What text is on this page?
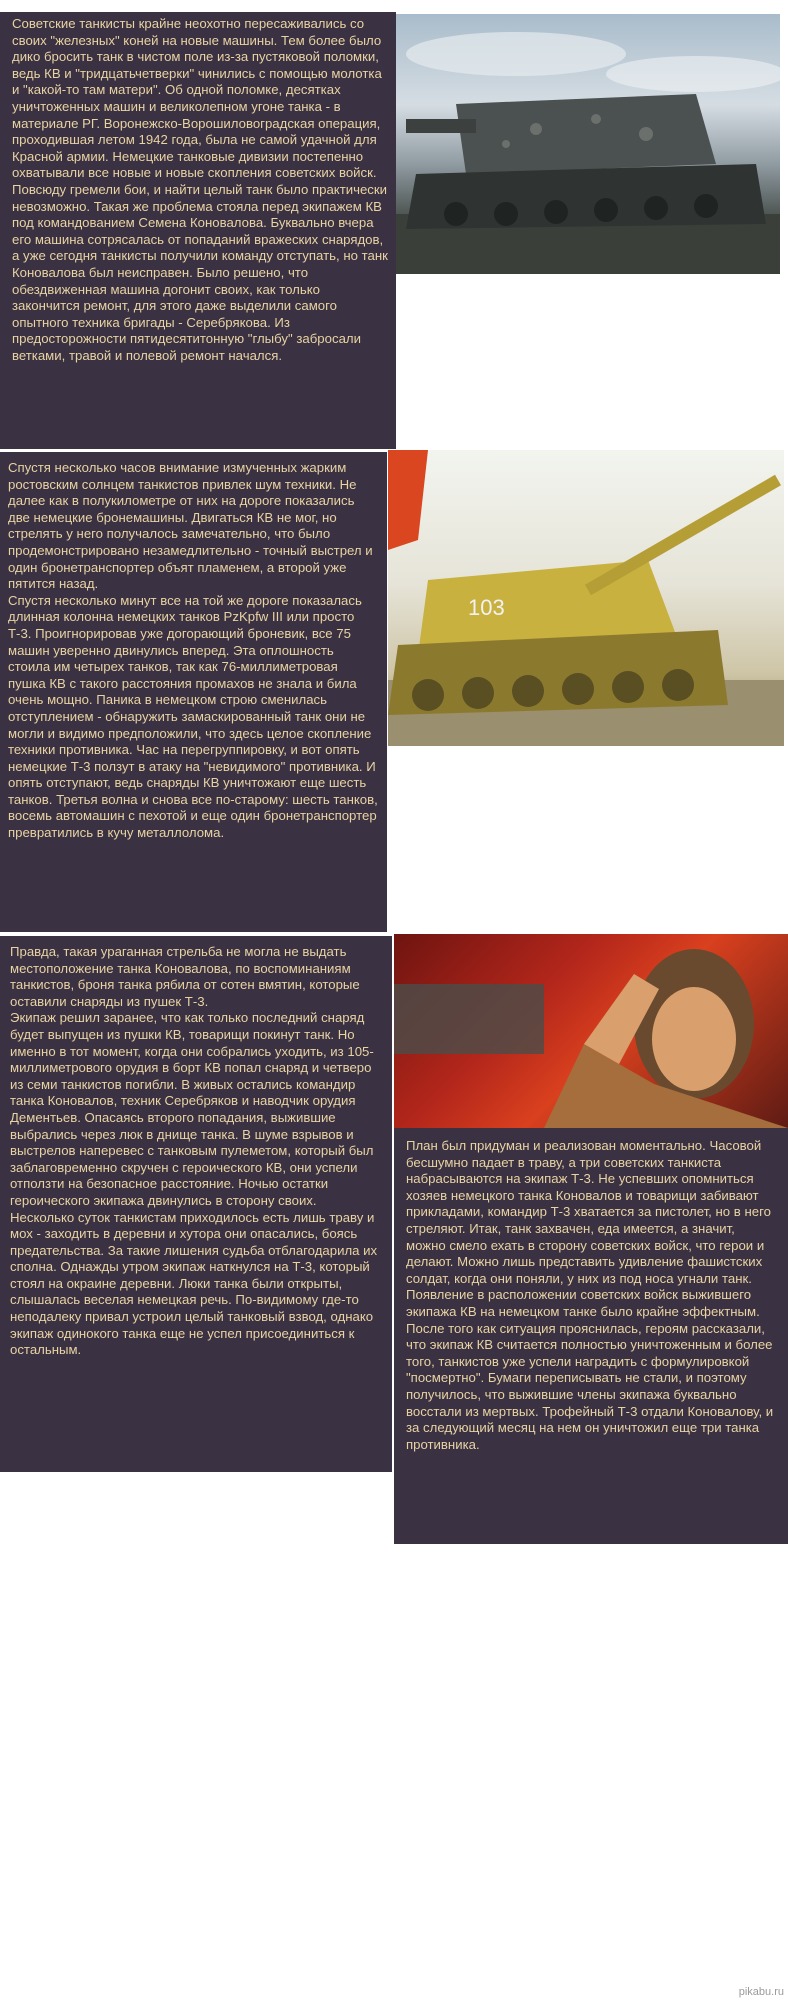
Советские танкисты крайне неохотно пересаживались со своих "железных" коней на новые машины. Тем более было дико бросить танк в чистом поле из-за пустяковой поломки, ведь КВ и "тридцатьчетверки" чинились с помощью молотка и "какой-то там матери". Об одной поломке, десятках уничтоженных машин и великолепном угоне танка - в материале РГ. Воронежско-Ворошиловоградская операция, проходившая летом 1942 года, была не самой удачной для Красной армии. Немецкие танковые дивизии постепенно охватывали все новые и новые скопления советских войск. Повсюду гремели бои, и найти целый танк было практически невозможно. Такая же проблема стояла перед экипажем КВ под командованием Семена Коновалова. Буквально вчера его машина сотрясалась от попаданий вражеских снарядов, а уже сегодня танкисты получили команду отступать, но танк Коновалова был неисправен. Было решено, что обездвиженная машина догонит своих, как только закончится ремонт, для этого даже выделили самого опытного техника бригады - Серебрякова. Из предосторожности пятидесятитонную "глыбу" забросали ветками, травой и полевой ремонт начался.

Спустя несколько часов внимание измученных жарким ростовским солнцем танкистов привлек шум техники. Не далее как в полукилометре от них на дороге показались две немецкие бронемашины. Двигаться КВ не мог, но стрелять у него получалось замечательно, что было продемонстрировано незамедлительно - точный выстрел и один бронетранспортер объят пламенем, а второй уже пятится назад.
Спустя несколько минут все на той же дороге показалась длинная колонна немецких танков PzKpfw III или просто Т-3. Проигнорировав уже догорающий броневик, все 75 машин уверенно двинулись вперед. Эта оплошность стоила им четырех танков, так как 76-миллиметровая пушка КВ с такого расстояния промахов не знала и била очень мощно. Паника в немецком строю сменилась отступлением - обнаружить замаскированный танк они не могли и видимо предположили, что здесь целое скопление техники противника. Час на перегруппировку, и вот опять немецкие Т-3 ползут в атаку на "невидимого" противника. И опять отступают, ведь снаряды КВ уничтожают еще шесть танков. Третья волна и снова все по-старому: шесть танков, восемь автомашин с пехотой и еще один бронетранспортер превратились в кучу металлолома.

103

Правда, такая ураганная стрельба не могла не выдать местоположение танка Коновалова, по воспоминаниям танкистов, броня танка рябила от сотен вмятин, которые оставили снаряды из пушек Т-3.
Экипаж решил заранее, что как только последний снаряд будет выпущен из пушки КВ, товарищи покинут танк. Но именно в тот момент, когда они собрались уходить, из 105-миллиметрового орудия в борт КВ попал снаряд и четверо из семи танкистов погибли. В живых остались командир танка Коновалов, техник Серебряков и наводчик орудия Дементьев. Опасаясь второго попадания, выжившие выбрались через люк в днище танка. В шуме взрывов и выстрелов наперевес с танковым пулеметом, который был заблаговременно скручен с героического КВ, они успели отползти на безопасное расстояние. Ночью остатки героического экипажа двинулись в сторону своих. Несколько суток танкистам приходилось есть лишь траву и мох - заходить в деревни и хутора они опасались, боясь предательства. За такие лишения судьба отблагодарила их сполна. Однажды утром экипаж наткнулся на Т-3, который стоял на окраине деревни. Люки танка были открыты, слышалась веселая немецкая речь. По-видимому где-то неподалеку привал устроил целый танковый взвод, однако экипаж одинокого танка еще не успел присоединиться к остальным.

План был придуман и реализован моментально. Часовой бесшумно падает в траву, а три советских танкиста набрасываются на экипаж Т-3. Не успевших опомниться хозяев немецкого танка Коновалов и товарищи забивают прикладами, командир Т-3 хватается за пистолет, но в него стреляют. Итак, танк захвачен, еда имеется, а значит, можно смело ехать в сторону советских войск, что герои и делают. Можно лишь представить удивление фашистских солдат, когда они поняли, у них из под носа угнали танк.
Появление в расположении советских войск выжившего экипажа КВ на немецком танке было крайне эффектным. После того как ситуация прояснилась, героям рассказали, что экипаж КВ считается полностью уничтоженным и более того, танкистов уже успели наградить с формулировкой "посмертно". Бумаги переписывать не стали, и поэтому получилось, что выжившие члены экипажа буквально восстали из мертвых. Трофейный Т-3 отдали Коновалову, и за следующий месяц на нем он уничтожил еще три танка противника.

pikabu.ru
